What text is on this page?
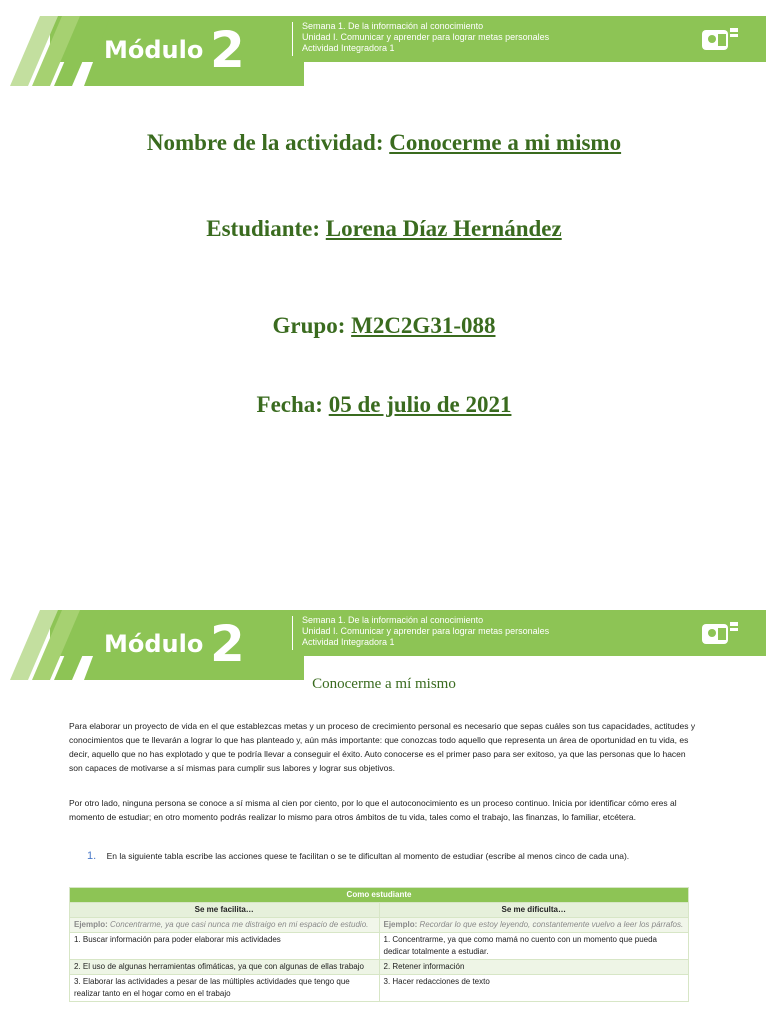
Módulo 2	Semana 1. De la información al conocimiento
Unidad I. Comunicar y aprender para lograr metas personales
Actividad Integradora 1
Nombre de la actividad: Conocerme a mi mismo
Estudiante: Lorena Díaz Hernández
Grupo: M2C2G31-088
Fecha: 05 de julio de 2021
Módulo 2	Semana 1. De la información al conocimiento
Unidad I. Comunicar y aprender para lograr metas personales
Actividad Integradora 1
Conocerme a mí mismo

Para elaborar un proyecto de vida en el que establezcas metas y un proceso de crecimiento personal es necesario que sepas cuáles son tus capacidades, actitudes y conocimientos que te llevarán a lograr lo que has planteado y, aún más importante: que conozcas todo aquello que representa un área de oportunidad en tu vida, es decir, aquello que no has explotado y que te podría llevar a conseguir el éxito. Auto conocerse es el primer paso para ser exitoso, ya que las personas que lo hacen son capaces de motivarse a sí mismas para cumplir sus labores y lograr sus objetivos.

Por otro lado, ninguna persona se conoce a sí misma al cien por ciento, por lo que el autoconocimiento es un proceso continuo. Inicia por identificar cómo eres al momento de estudiar; en otro momento podrás realizar lo mismo para otros ámbitos de tu vida, tales como el trabajo, las finanzas, lo familiar, etcétera.

1. En la siguiente tabla escribe las acciones quese te facilitan o se te dificultan al momento de estudiar (escribe al menos cinco de cada una).
Como estudiante	
Se me facilita…	Se me dificulta…
Ejemplo: Concentrarme, ya que casi nunca me distraigo en mi espacio de estudio.	Ejemplo: Recordar lo que estoy leyendo, constantemente vuelvo a leer los párrafos.
1. Buscar información para poder elaborar mis actividades	1. Concentrarme, ya que como mamá no cuento con un momento que pueda dedicar totalmente a estudiar.
2. El uso de algunas herramientas ofimáticas, ya que con algunas de ellas trabajo	2. Retener información
3. Elaborar las actividades a pesar de las múltiples actividades que tengo que realizar tanto en el hogar como en el trabajo	3. Hacer redacciones de texto
